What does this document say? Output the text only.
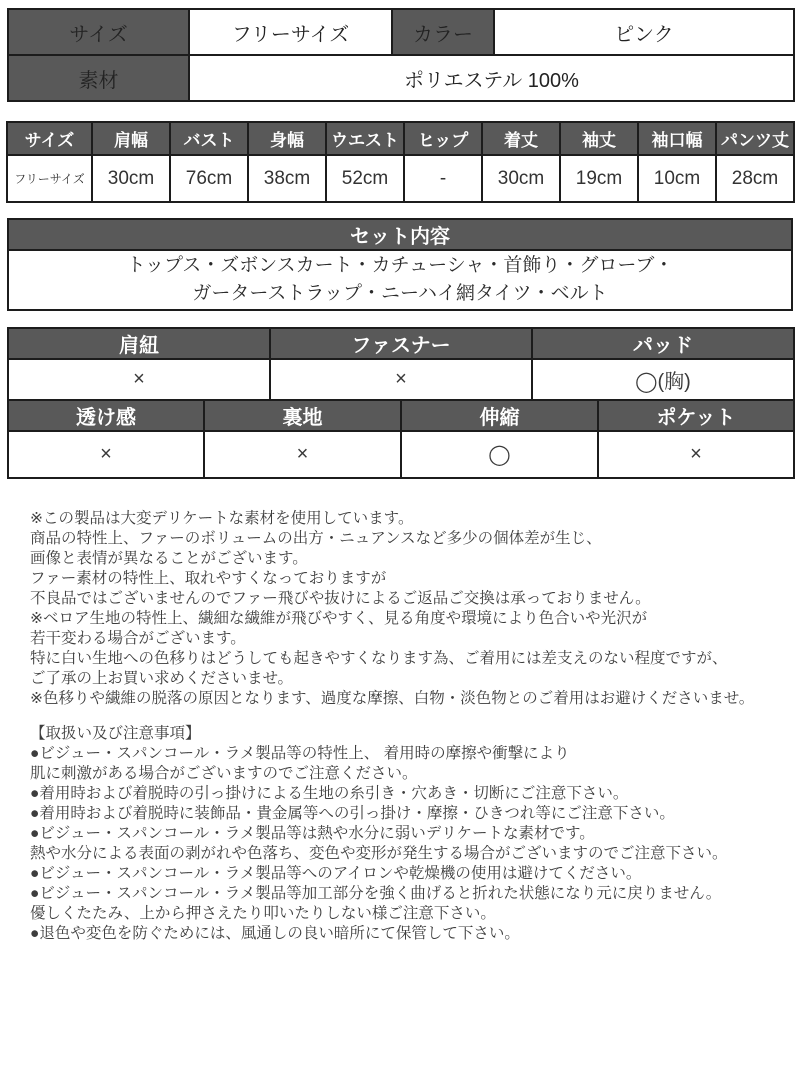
サイズ	フリーサイズ	カラー	ピンク
素材	ポリエステル 100%		
サイズ	肩幅	バスト	身幅	ウエスト	ヒップ	着丈	袖丈	袖口幅	パンツ丈
フリーサイズ	30cm	76cm	38cm	52cm	-	30cm	19cm	10cm	28cm
セット内容

トップス・ズボンスカート・カチューシャ・首飾り・グローブ・
ガーターストラップ・ニーハイ網タイツ・ベルト
肩紐	ファスナー	パッド
×	×	◯(胸)
透け感	裏地	伸縮	ポケット
×	×	◯	×
※この製品は大変デリケートな素材を使用しています。
商品の特性上、ファーのボリュームの出方・ニュアンスなど多少の個体差が生じ、
画像と表情が異なることがございます。
ファー素材の特性上、取れやすくなっておりますが
不良品ではございませんのでファー飛びや抜けによるご返品ご交換は承っておりません。
※ベロア生地の特性上、繊細な繊維が飛びやすく、見る角度や環境により色合いや光沢が
若干変わる場合がございます。
特に白い生地への色移りはどうしても起きやすくなります為、ご着用には差支えのない程度ですが、
ご了承の上お買い求めくださいませ。
※色移りや繊維の脱落の原因となります、過度な摩擦、白物・淡色物とのご着用はお避けくださいませ。
【取扱い及び注意事項】
●ビジュー・スパンコール・ラメ製品等の特性上、 着用時の摩擦や衝撃により
肌に刺激がある場合がございますのでご注意ください。
●着用時および着脱時の引っ掛けによる生地の糸引き・穴あき・切断にご注意下さい。
●着用時および着脱時に装飾品・貴金属等への引っ掛け・摩擦・ひきつれ等にご注意下さい。
●ビジュー・スパンコール・ラメ製品等は熱や水分に弱いデリケートな素材です。
熱や水分による表面の剥がれや色落ち、変色や変形が発生する場合がございますのでご注意下さい。
●ビジュー・スパンコール・ラメ製品等へのアイロンや乾燥機の使用は避けてください。
●ビジュー・スパンコール・ラメ製品等加工部分を強く曲げると折れた状態になり元に戻りません。
優しくたたみ、上から押さえたり叩いたりしない様ご注意下さい。
●退色や変色を防ぐためには、風通しの良い暗所にて保管して下さい。
